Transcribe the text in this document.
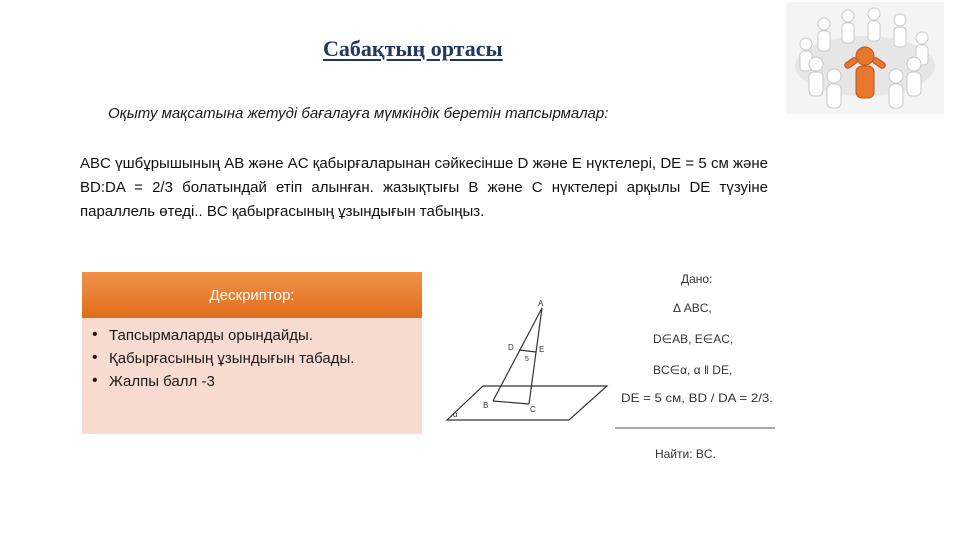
Сабақтың ортасы
Оқыту мақсатына жетуді бағалауға мүмкіндік беретін тапсырмалар:
ABC үшбұрышының AB және AC қабырғаларынан сәйкесінше D және E нүктелері, DE = 5 см және BD:DA = 2/3 болатындай етіп алынған. жазықтығы B және C нүктелері арқылы DE түзуіне параллель өтеді.. BC қабырғасының ұзындығын табыңыз.
Дескриптор:
• Тапсырмаларды орындайды.
• Қабырғасының ұзындығын табады.
• Жалпы балл -3
A
D	E
5
B	C
α
Дано:
Δ ABC,
D∈AB, E∈AC,
BC∈α, α ‖ DE,
DE = 5 см, BD / DA = 2/3.
Найти: BC.
